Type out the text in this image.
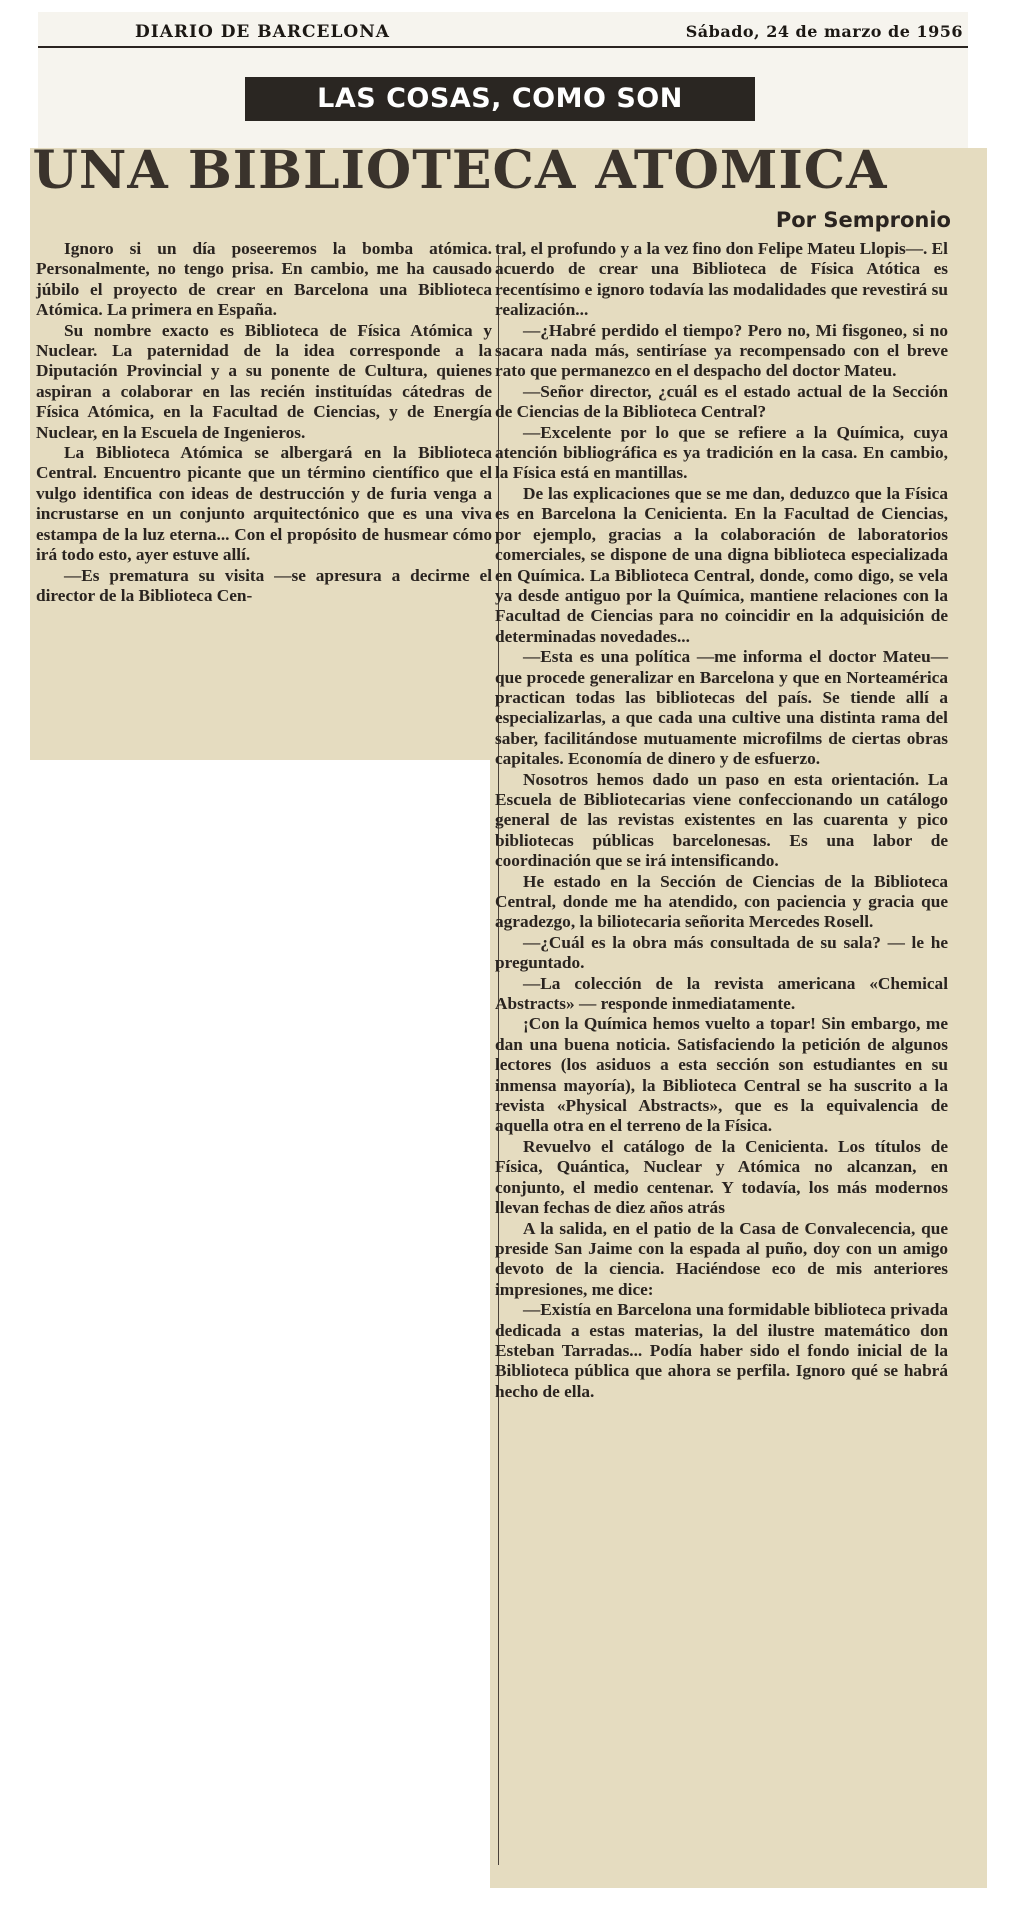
DIARIO DE BARCELONA	Sábado, 24 de marzo de 1956
LAS COSAS, COMO SON
UNA BIBLIOTECA ATOMICA
Por Sempronio

Ignoro si un día poseeremos la bomba atómica. Personalmente, no tengo prisa. En cambio, me ha causado júbilo el proyecto de crear en Barcelona una Biblioteca Atómica. La primera en España.

Su nombre exacto es Biblioteca de Física Atómica y Nuclear. La paternidad de la idea corresponde a la Diputación Provincial y a su ponente de Cultura, quienes aspiran a colaborar en las recién instituídas cátedras de Física Atómica, en la Facultad de Ciencias, y de Energía Nuclear, en la Escuela de Ingenieros.

La Biblioteca Atómica se albergará en la Biblioteca Central. Encuentro picante que un término científico que el vulgo identifica con ideas de destrucción y de furia venga a incrustarse en un conjunto arquitectónico que es una viva estampa de la luz eterna... Con el propósito de husmear cómo irá todo esto, ayer estuve allí.

—Es prematura su visita —se apresura a decirme el director de la Biblioteca Cen-

tral, el profundo y a la vez fino don Felipe Mateu Llopis—. El acuerdo de crear una Biblioteca de Física Atótica es recentísimo e ignoro todavía las modalidades que revestirá su realización...

—¿Habré perdido el tiempo? Pero no, Mi fisgoneo, si no sacara nada más, sentiríase ya recompensado con el breve rato que permanezco en el despacho del doctor Mateu.

—Señor director, ¿cuál es el estado actual de la Sección de Ciencias de la Biblioteca Central?

—Excelente por lo que se refiere a la Química, cuya atención bibliográfica es ya tradición en la casa. En cambio, la Física está en mantillas.

De las explicaciones que se me dan, deduzco que la Física es en Barcelona la Cenicienta. En la Facultad de Ciencias, por ejemplo, gracias a la colaboración de laboratorios comerciales, se dispone de una digna biblioteca especializada en Química. La Biblioteca Central, donde, como digo, se vela ya desde antiguo por la Química, mantiene relaciones con la Facultad de Ciencias para no coincidir en la adquisición de determinadas novedades...

—Esta es una política —me informa el doctor Mateu— que procede generalizar en Barcelona y que en Norteamérica practican todas las bibliotecas del país. Se tiende allí a especializarlas, a que cada una cultive una distinta rama del saber, facilitándose mutuamente microfilms de ciertas obras capitales. Economía de dinero y de esfuerzo.

Nosotros hemos dado un paso en esta orientación. La Escuela de Bibliotecarias viene confeccionando un catálogo general de las revistas existentes en las cuarenta y pico bibliotecas públicas barcelonesas. Es una labor de coordinación que se irá intensificando.

He estado en la Sección de Ciencias de la Biblioteca Central, donde me ha atendido, con paciencia y gracia que agradezgo, la biliotecaria señorita Mercedes Rosell.

—¿Cuál es la obra más consultada de su sala? — le he preguntado.

—La colección de la revista americana «Chemical Abstracts» — responde inmediatamente.

¡Con la Química hemos vuelto a topar! Sin embargo, me dan una buena noticia. Satisfaciendo la petición de algunos lectores (los asiduos a esta sección son estudiantes en su inmensa mayoría), la Biblioteca Central se ha suscrito a la revista «Physical Abstracts», que es la equivalencia de aquella otra en el terreno de la Física.

Revuelvo el catálogo de la Cenicienta. Los títulos de Física, Quántica, Nuclear y Atómica no alcanzan, en conjunto, el medio centenar. Y todavía, los más modernos llevan fechas de diez años atrás

A la salida, en el patio de la Casa de Convalecencia, que preside San Jaime con la espada al puño, doy con un amigo devoto de la ciencia. Haciéndose eco de mis anteriores impresiones, me dice:

—Existía en Barcelona una formidable biblioteca privada dedicada a estas materias, la del ilustre matemático don Esteban Tarradas... Podía haber sido el fondo inicial de la Biblioteca pública que ahora se perfila. Ignoro qué se habrá hecho de ella.
